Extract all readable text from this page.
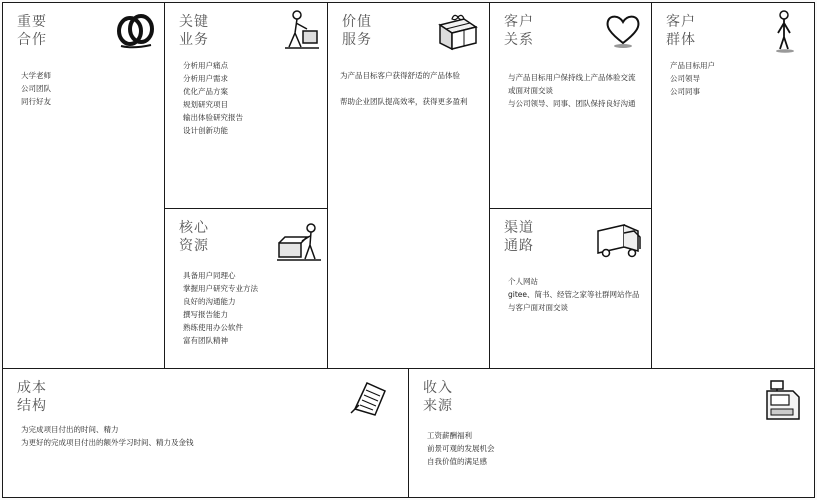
重要
合作
大学老师
公司团队
同行好友
关键
业务
分析用户痛点
分析用户需求
优化产品方案
规划研究项目
输出体验研究报告
设计创新功能
核心
资源
具备用户同理心
掌握用户研究专业方法
良好的沟通能力
撰写报告能力
熟练使用办公软件
富有团队精神
价值
服务
为产品目标客户获得舒适的产品体验
帮助企业团队提高效率，获得更多盈利
客户
关系
与产品目标用户保持线上产品体验交流
或面对面交谈
与公司领导、同事、团队保持良好沟通
渠道
通路
个人网站
gitee、简书、经管之家等社群网站作品
与客户面对面交谈
客户
群体
产品目标用户
公司领导
公司同事
成本
结构
为完成项目付出的时间、精力
为更好的完成项目付出的额外学习时间、精力及金钱
收入
来源
工资薪酬福利
前景可观的发展机会
自我价值的满足感
